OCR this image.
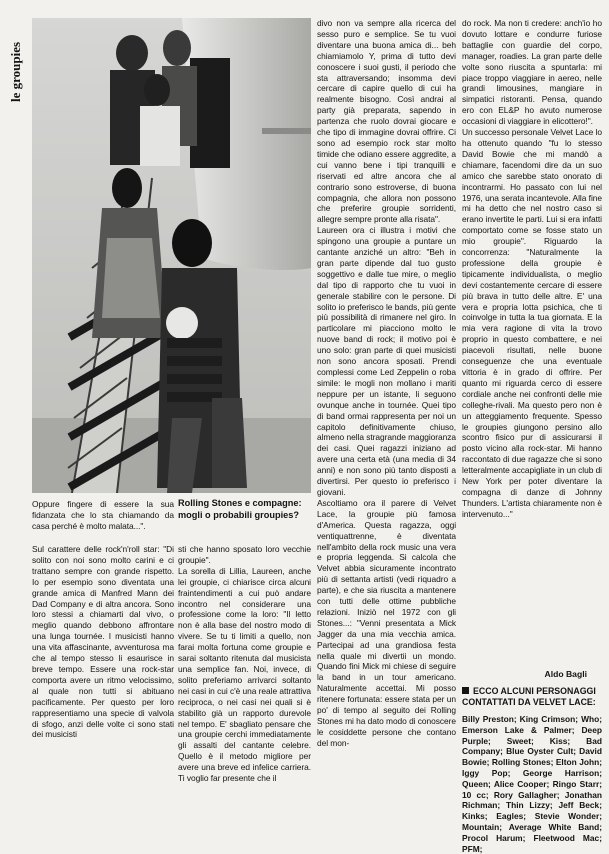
le groupies

Oppure fingere di essere la sua fidanzata che lo sta chiamando da casa perché è molto malata...".

Rolling Stones e compagne: mogli o probabili groupies?

Sul carattere delle rock'n'roll star: "Di solito con noi sono molto carini e ci trattano sempre con grande rispetto. Io per esempio sono diventata una grande amica di Manfred Mann dei Dad Company e di altra ancora. Sono loro stessi a chiamarti dal vivo, o meglio quando debbono affrontare una lunga tournée. I musicisti hanno una vita affascinante, avventurosa ma che al tempo stesso li esaurisce in breve tempo. Essere una rock-star comporta avere un ritmo velocissimo, al quale non tutti si abituano pacificamente. Per questo per loro rappresentiamo una specie di valvola di sfogo, anzi delle volte ci sono stati dei musicisti

sti che hanno sposato loro vecchie groupie".

La sorella di Lillia, Laureen, anche lei groupie, ci chiarisce circa alcuni fraintendimenti a cui può andare incontro nel considerare una professione come la loro: "Il letto non è alla base del nostro modo di vivere. Se tu ti limiti a quello, non farai molta fortuna come groupie e sarai soltanto ritenuta dal musicista una semplice fan. Noi, invece, di solito preferiamo arrivarci soltanto nei casi in cui c'è una reale attrattiva reciproca, o nei casi nei quali si è stabilito già un rapporto durevole nel tempo. E' sbagliato pensare che una groupie cerchi immediatamente gli assalti del cantante celebre. Quello è il metodo migliore per avere una breve ed infelice carriera. Ti voglio far presente che il

divo non va sempre alla ricerca del sesso puro e semplice. Se tu vuoi diventare una buona amica di... beh chiamiamolo Y, prima di tutto devi conoscere i suoi gusti, il periodo che sta attraversando; insomma devi cercare di capire quello di cui ha realmente bisogno. Così andrai al party già preparata, sapendo in partenza che ruolo dovrai giocare e che tipo di immagine dovrai offrire. Ci sono ad esempio rock star molto timide che odiano essere aggredite, a cui vanno bene i tipi tranquilli e riservati ed altre ancora che al contrario sono estroverse, di buona compagnia, che allora non possono che preferire groupie sorridenti, allegre sempre pronte alla risata".

Laureen ora ci illustra i motivi che spingono una groupie a puntare un cantante anziché un altro: "Beh in gran parte dipende dal tuo gusto soggettivo e dalle tue mire, o meglio dal tipo di rapporto che tu vuoi in generale stabilire con le persone. Di solito io preferisco le bands, più gente più possibilità di rimanere nel giro. In particolare mi piacciono molto le nuove band di rock; il motivo poi è uno solo: gran parte di quei musicisti non sono ancora sposati. Prendi complessi come Led Zeppelin o roba simile: le mogli non mollano i mariti neppure per un istante, li seguono ovunque anche in tournée. Quei tipo di band ormai rappresenta per noi un capitolo definitivamente chiuso, almeno nella stragrande maggioranza dei casi. Quei ragazzi iniziano ad avere una certa età (una media di 34 anni) e non sono più tanto disposti a divertirsi. Per questo io preferisco i giovani.

Ascoltiamo ora il parere di Velvet Lace, la groupie più famosa d'America. Questa ragazza, oggi ventiquattrenne, è diventata nell'ambito della rock music una vera e propria leggenda. Si calcola che Velvet abbia sicuramente incontrato più di settanta artisti (vedi riquadro a parte), e che sia riuscita a mantenere con tutti delle ottime pubbliche relazioni. Iniziò nel 1972 con gli Stones...: "Venni presentata a Mick Jagger da una mia vecchia amica. Partecipai ad una grandiosa festa nella quale mi divertii un mondo. Quando fini Mick mi chiese di seguire la band in un tour americano. Naturalmente accettai. Mi posso ritenere fortunata: essere stata per un po' di tempo al seguito dei Rolling Stones mi ha dato modo di conoscere le cosiddette persone che contano del mon-

do rock. Ma non ti credere: anch'io ho dovuto lottare e condurre furiose battaglie con guardie del corpo, manager, roadies. La gran parte delle volte sono riuscita a spuntarla: mi piace troppo viaggiare in aereo, nelle grandi limousines, mangiare in simpatici ristoranti. Pensa, quando ero con EL&P ho avuto numerose occasioni di viaggiare in elicottero!".

Un successo personale Velvet Lace lo ha ottenuto quando "fu lo stesso David Bowie che mi mandò a chiamare, facendomi dire da un suo amico che sarebbe stato onorato di incontrarmi. Ho passato con lui nel 1976, una serata incantevole. Alla fine mi ha detto che nel nostro caso si erano invertite le parti. Lui si era infatti comportato come se fosse stato un mio groupie". Riguardo la concorrenza: "Naturalmente la professione della groupie è tipicamente individualista, o meglio devi costantemente cercare di essere più brava in tutto delle altre. E' una vera e propria lotta psichica, che ti coinvolge in tutta la tua giornata. E la mia vera ragione di vita la trovo proprio in questo combattere, e nei piacevoli risultati, nelle buone conseguenze che una eventuale vittoria è in grado di offrire. Per quanto mi riguarda cerco di essere cordiale anche nei confronti delle mie colleghe-rivali. Ma questo pero non è un atteggiamento frequente. Spesso le groupies giungono persino allo scontro fisico pur di assicurarsi il posto vicino alla rock-star. Mi hanno raccontato di due ragazze che si sono letteralmente accapigliate in un club di New York per poter diventare la compagna di danze di Johnny Thunders. L'artista chiaramente non è intervenuto..."

Aldo Bagli
ECCO ALCUNI PERSONAGGI CONTATTATI DA VELVET LACE:
Billy Preston; King Crimson; Who; Emerson Lake & Palmer; Deep Purple; Sweet; Kiss; Bad Company; Blue Oyster Cult; David Bowie; Rolling Stones; Elton John; Iggy Pop; George Harrison; Queen; Alice Cooper; Ringo Starr; 10 cc; Rory Gallagher; Jonathan Richman; Thin Lizzy; Jeff Beck; Kinks; Eagles; Stevie Wonder; Mountain; Average White Band; Procol Harum; Fleetwood Mac; PFM;
